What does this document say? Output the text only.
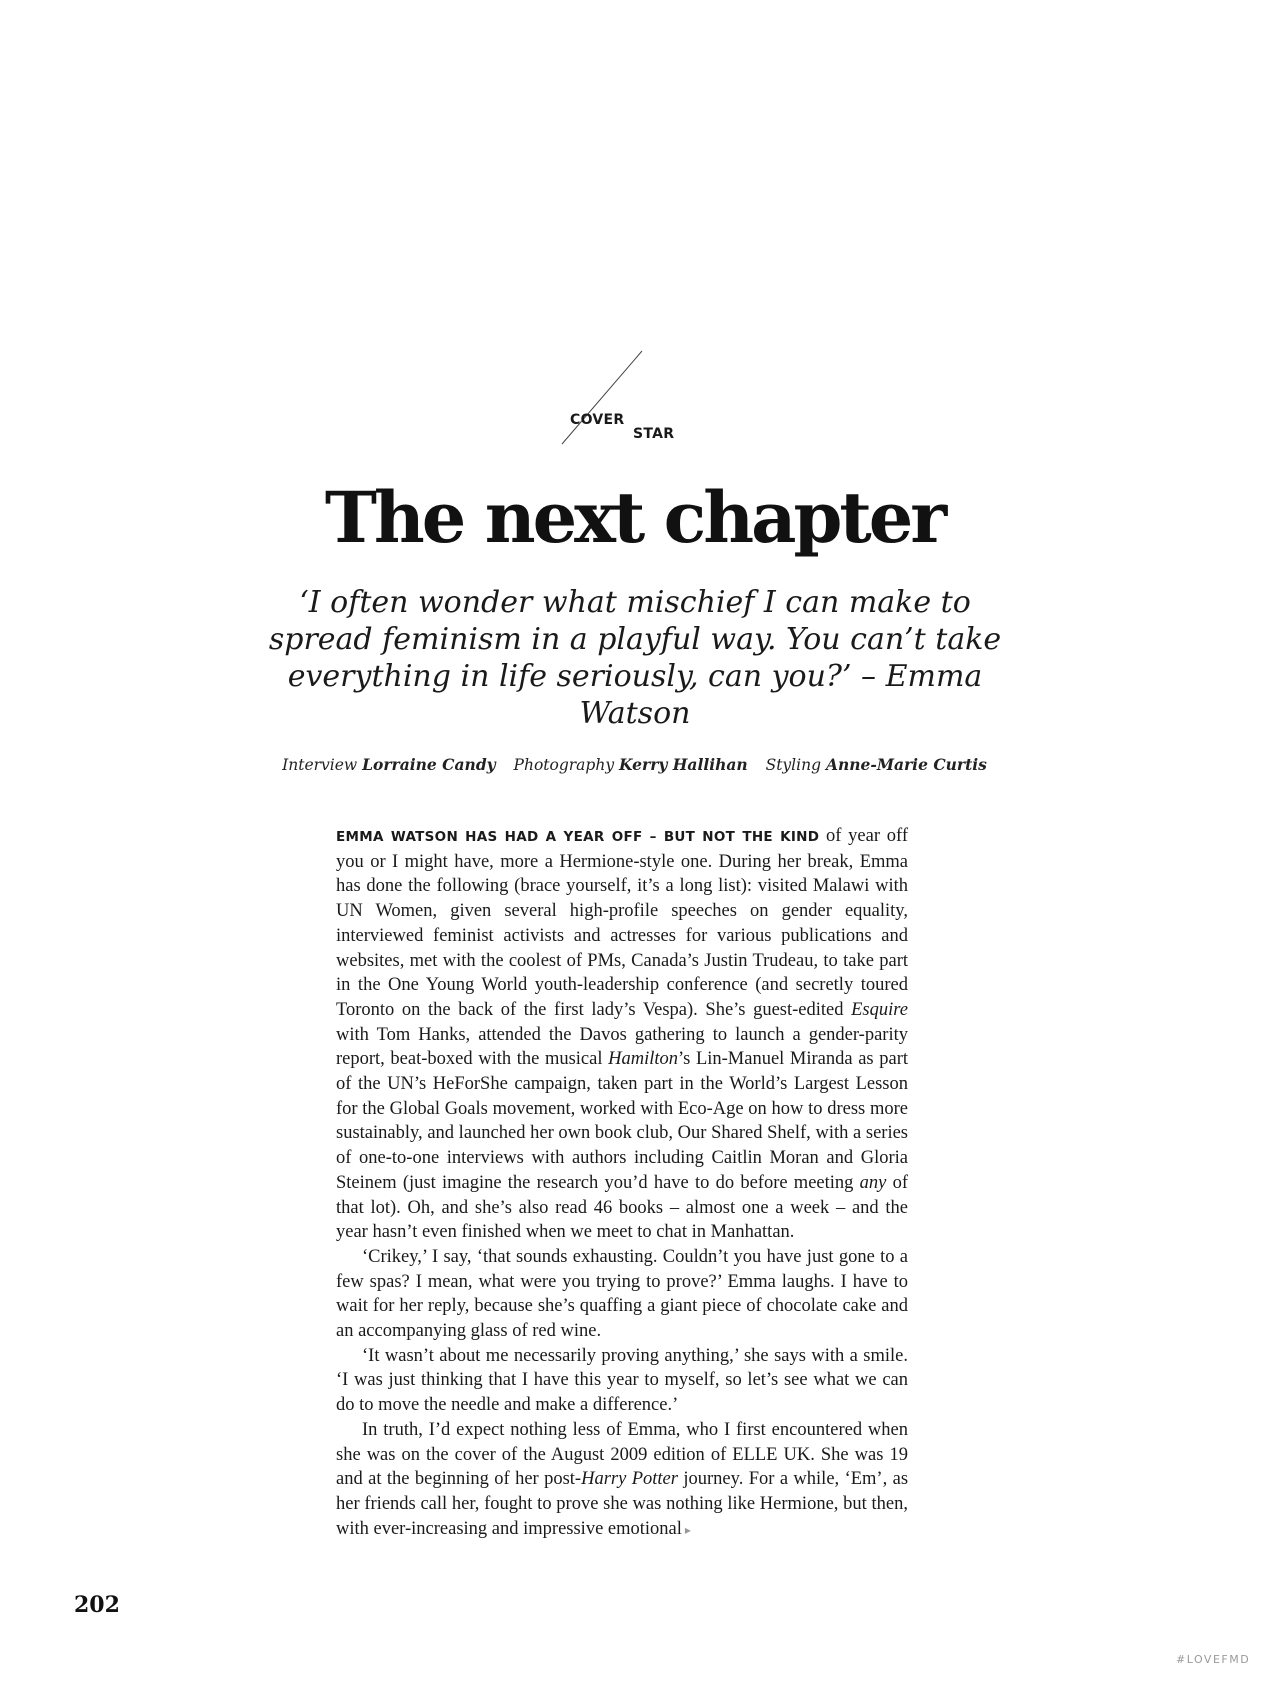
COVER
STAR
The next chapter
‘I often wonder what mischief I can make to spread feminism in a playful way. You can’t take everything in life seriously, can you?’ – Emma Watson
Interview Lorraine Candy Photography Kerry Hallihan Styling Anne-Marie Curtis

EMMA WATSON HAS HAD A YEAR OFF – BUT NOT THE KIND of year off you or I might have, more a Hermione-style one. During her break, Emma has done the following (brace yourself, it’s a long list): visited Malawi with UN Women, given several high-profile speeches on gender equality, interviewed feminist activists and actresses for various publications and websites, met with the coolest of PMs, Canada’s Justin Trudeau, to take part in the One Young World youth-leadership conference (and secretly toured Toronto on the back of the first lady’s Vespa). She’s guest-edited Esquire with Tom Hanks, attended the Davos gathering to launch a gender-parity report, beat-boxed with the musical Hamilton’s Lin-Manuel Miranda as part of the UN’s HeForShe campaign, taken part in the World’s Largest Lesson for the Global Goals movement, worked with Eco-Age on how to dress more sustainably, and launched her own book club, Our Shared Shelf, with a series of one-to-one interviews with authors including Caitlin Moran and Gloria Steinem (just imagine the research you’d have to do before meeting any of that lot). Oh, and she’s also read 46 books – almost one a week – and the year hasn’t even finished when we meet to chat in Manhattan.

‘Crikey,’ I say, ‘that sounds exhausting. Couldn’t you have just gone to a few spas? I mean, what were you trying to prove?’ Emma laughs. I have to wait for her reply, because she’s quaffing a giant piece of chocolate cake and an accompanying glass of red wine.

‘It wasn’t about me necessarily proving anything,’ she says with a smile. ‘I was just thinking that I have this year to myself, so let’s see what we can do to move the needle and make a difference.’

In truth, I’d expect nothing less of Emma, who I first encountered when she was on the cover of the August 2009 edition of ELLE UK. She was 19 and at the beginning of her post-Harry Potter journey. For a while, ‘Em’, as her friends call her, fought to prove she was nothing like Hermione, but then, with ever-increasing and impressive emotional ▸

202
#LOVEFMD
